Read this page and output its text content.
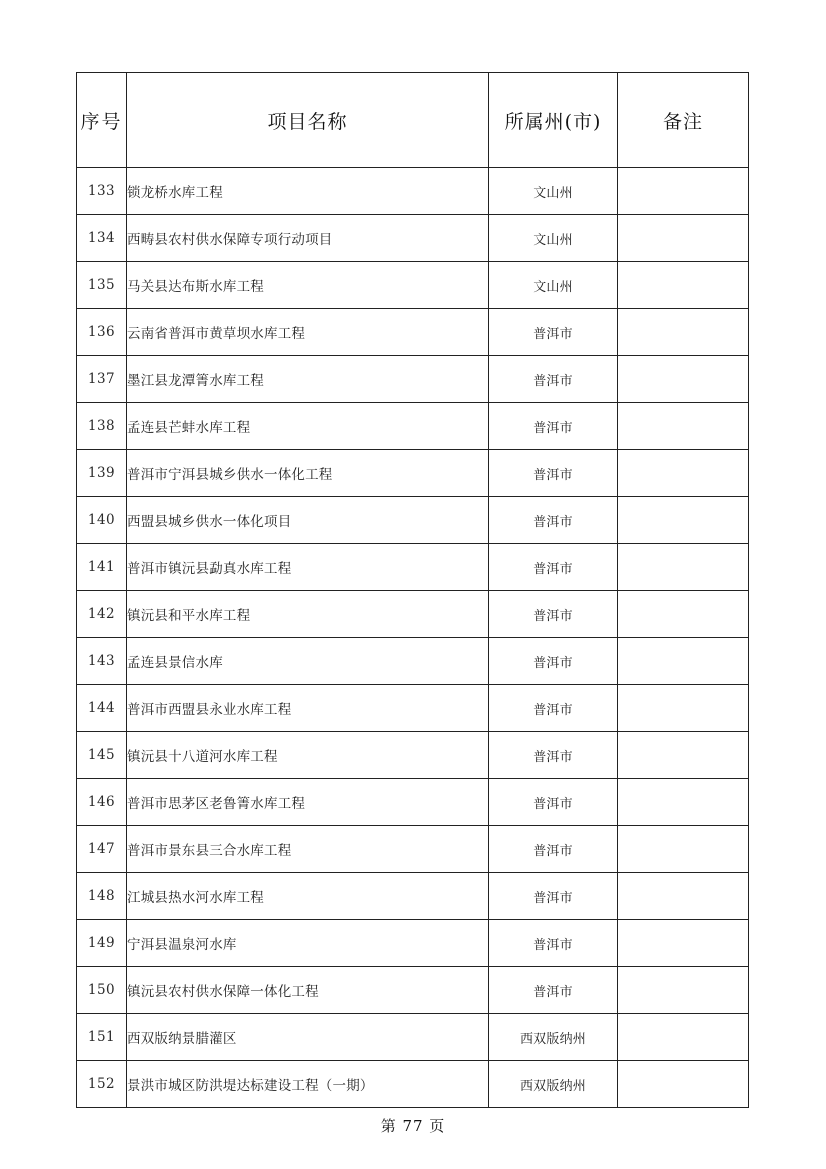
序号	项目名称	所属州(市)	备注
133	锁龙桥水库工程	文山州	
134	西畴县农村供水保障专项行动项目	文山州	
135	马关县达布斯水库工程	文山州	
136	云南省普洱市黄草坝水库工程	普洱市	
137	墨江县龙潭箐水库工程	普洱市	
138	孟连县芒蚌水库工程	普洱市	
139	普洱市宁洱县城乡供水一体化工程	普洱市	
140	西盟县城乡供水一体化项目	普洱市	
141	普洱市镇沅县勐真水库工程	普洱市	
142	镇沅县和平水库工程	普洱市	
143	孟连县景信水库	普洱市	
144	普洱市西盟县永业水库工程	普洱市	
145	镇沅县十八道河水库工程	普洱市	
146	普洱市思茅区老鲁箐水库工程	普洱市	
147	普洱市景东县三合水库工程	普洱市	
148	江城县热水河水库工程	普洱市	
149	宁洱县温泉河水库	普洱市	
150	镇沅县农村供水保障一体化工程	普洱市	
151	西双版纳景腊灌区	西双版纳州	
152	景洪市城区防洪堤达标建设工程（一期）	西双版纳州	
第 77 页
